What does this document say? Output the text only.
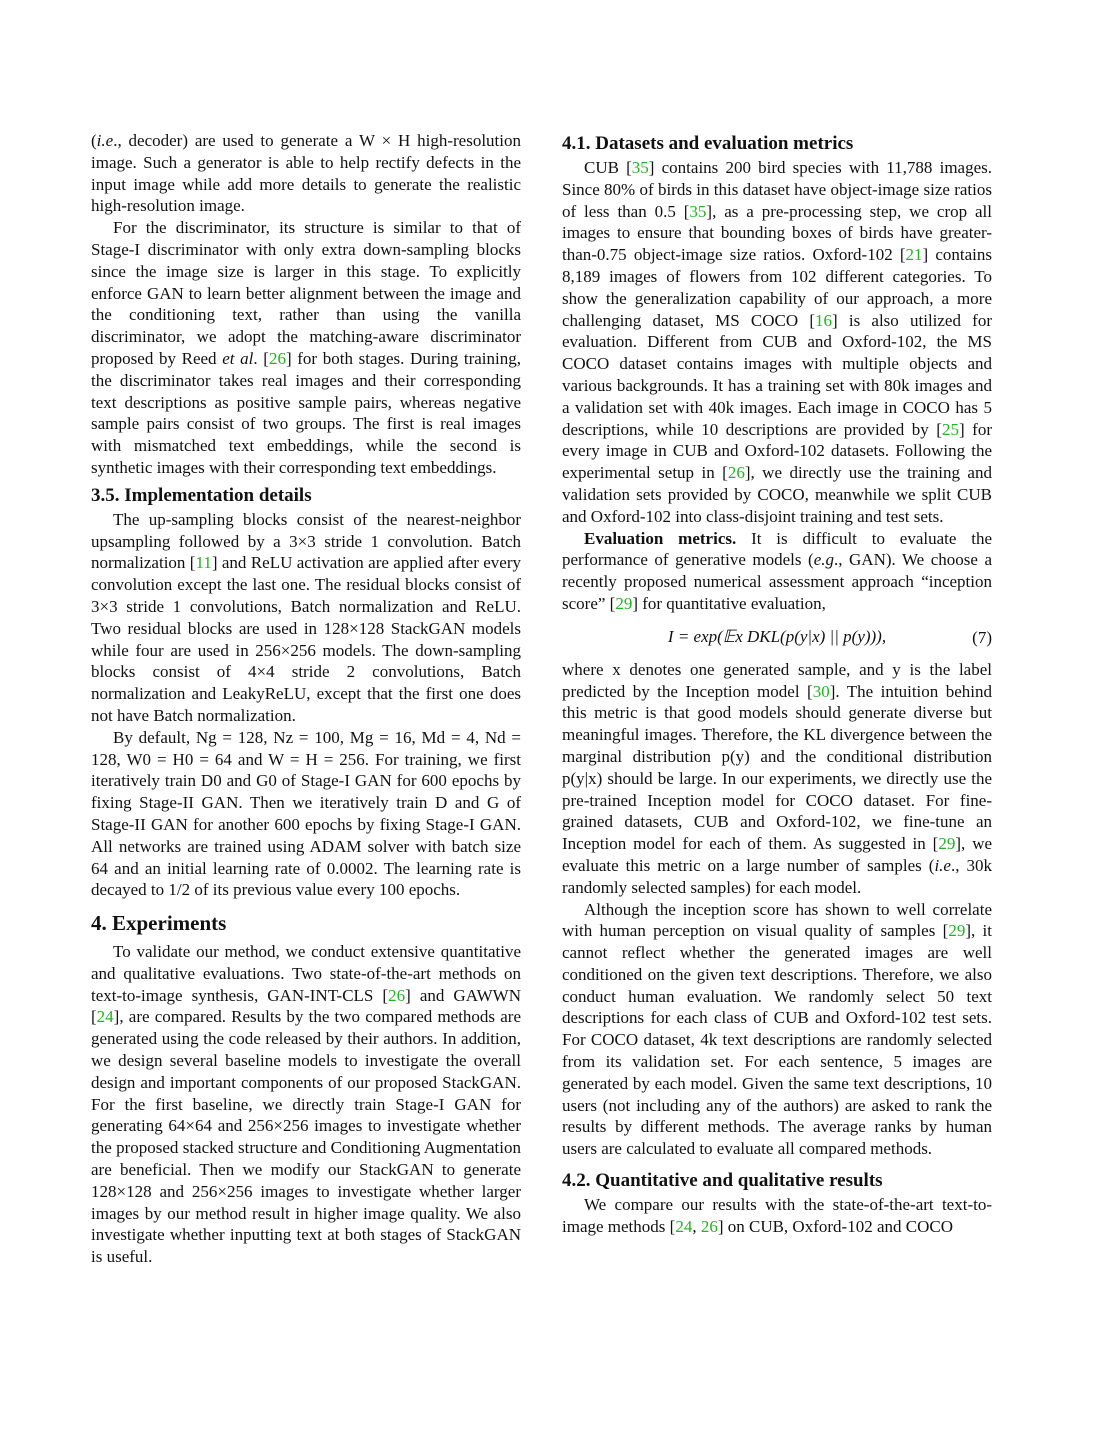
(i.e., decoder) are used to generate a W × H high-resolution image. Such a generator is able to help rectify defects in the input image while add more details to generate the realistic high-resolution image.

For the discriminator, its structure is similar to that of Stage-I discriminator with only extra down-sampling blocks since the image size is larger in this stage. To explicitly enforce GAN to learn better alignment between the image and the conditioning text, rather than using the vanilla discriminator, we adopt the matching-aware discriminator proposed by Reed et al. [26] for both stages. During training, the discriminator takes real images and their corresponding text descriptions as positive sample pairs, whereas negative sample pairs consist of two groups. The first is real images with mismatched text embeddings, while the second is synthetic images with their corresponding text embeddings.

3.5. Implementation details

The up-sampling blocks consist of the nearest-neighbor upsampling followed by a 3×3 stride 1 convolution. Batch normalization [11] and ReLU activation are applied after every convolution except the last one. The residual blocks consist of 3×3 stride 1 convolutions, Batch normalization and ReLU. Two residual blocks are used in 128×128 StackGAN models while four are used in 256×256 models. The down-sampling blocks consist of 4×4 stride 2 convolutions, Batch normalization and LeakyReLU, except that the first one does not have Batch normalization.

By default, Ng = 128, Nz = 100, Mg = 16, Md = 4, Nd = 128, W0 = H0 = 64 and W = H = 256. For training, we first iteratively train D0 and G0 of Stage-I GAN for 600 epochs by fixing Stage-II GAN. Then we iteratively train D and G of Stage-II GAN for another 600 epochs by fixing Stage-I GAN. All networks are trained using ADAM solver with batch size 64 and an initial learning rate of 0.0002. The learning rate is decayed to 1/2 of its previous value every 100 epochs.

4. Experiments

To validate our method, we conduct extensive quantitative and qualitative evaluations. Two state-of-the-art methods on text-to-image synthesis, GAN-INT-CLS [26] and GAWWN [24], are compared. Results by the two compared methods are generated using the code released by their authors. In addition, we design several baseline models to investigate the overall design and important components of our proposed StackGAN. For the first baseline, we directly train Stage-I GAN for generating 64×64 and 256×256 images to investigate whether the proposed stacked structure and Conditioning Augmentation are beneficial. Then we modify our StackGAN to generate 128×128 and 256×256 images to investigate whether larger images by our method result in higher image quality. We also investigate whether inputting text at both stages of StackGAN is useful.

4.1. Datasets and evaluation metrics

CUB [35] contains 200 bird species with 11,788 images. Since 80% of birds in this dataset have object-image size ratios of less than 0.5 [35], as a pre-processing step, we crop all images to ensure that bounding boxes of birds have greater-than-0.75 object-image size ratios. Oxford-102 [21] contains 8,189 images of flowers from 102 different categories. To show the generalization capability of our approach, a more challenging dataset, MS COCO [16] is also utilized for evaluation. Different from CUB and Oxford-102, the MS COCO dataset contains images with multiple objects and various backgrounds. It has a training set with 80k images and a validation set with 40k images. Each image in COCO has 5 descriptions, while 10 descriptions are provided by [25] for every image in CUB and Oxford-102 datasets. Following the experimental setup in [26], we directly use the training and validation sets provided by COCO, meanwhile we split CUB and Oxford-102 into class-disjoint training and test sets.

Evaluation metrics. It is difficult to evaluate the performance of generative models (e.g., GAN). We choose a recently proposed numerical assessment approach “inception score” [29] for quantitative evaluation,

I = exp(𝔼x DKL(p(y|x) || p(y))),	(7)

where x denotes one generated sample, and y is the label predicted by the Inception model [30]. The intuition behind this metric is that good models should generate diverse but meaningful images. Therefore, the KL divergence between the marginal distribution p(y) and the conditional distribution p(y|x) should be large. In our experiments, we directly use the pre-trained Inception model for COCO dataset. For fine-grained datasets, CUB and Oxford-102, we fine-tune an Inception model for each of them. As suggested in [29], we evaluate this metric on a large number of samples (i.e., 30k randomly selected samples) for each model.

Although the inception score has shown to well correlate with human perception on visual quality of samples [29], it cannot reflect whether the generated images are well conditioned on the given text descriptions. Therefore, we also conduct human evaluation. We randomly select 50 text descriptions for each class of CUB and Oxford-102 test sets. For COCO dataset, 4k text descriptions are randomly selected from its validation set. For each sentence, 5 images are generated by each model. Given the same text descriptions, 10 users (not including any of the authors) are asked to rank the results by different methods. The average ranks by human users are calculated to evaluate all compared methods.

4.2. Quantitative and qualitative results

We compare our results with the state-of-the-art text-to-image methods [24, 26] on CUB, Oxford-102 and COCO
